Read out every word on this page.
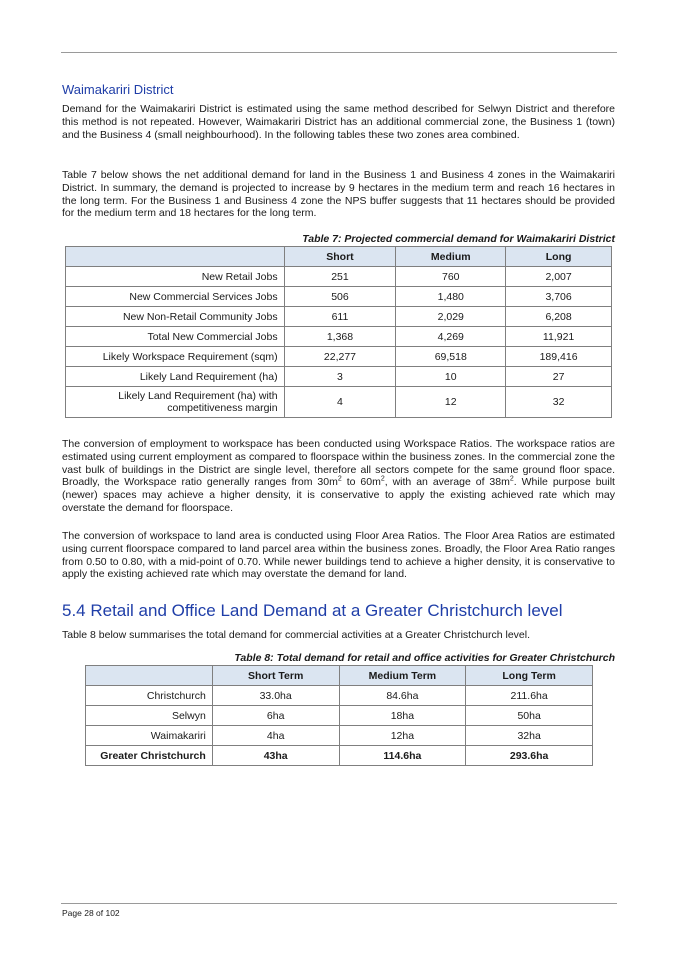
Waimakariri District

Demand for the Waimakariri District is estimated using the same method described for Selwyn District and therefore this method is not repeated. However, Waimakariri District has an additional commercial zone, the Business 1 (town) and the Business 4 (small neighbourhood). In the following tables these two zones area combined.

Table 7 below shows the net additional demand for land in the Business 1 and Business 4 zones in the Waimakariri District. In summary, the demand is projected to increase by 9 hectares in the medium term and reach 16 hectares in the long term. For the Business 1 and Business 4 zone the NPS buffer suggests that 11 hectares should be provided for the medium term and 18 hectares for the long term.

Table 7: Projected commercial demand for Waimakariri District
	Short	Medium	Long
New Retail Jobs	251	760	2,007
New Commercial Services Jobs	506	1,480	3,706
New Non-Retail Community Jobs	611	2,029	6,208
Total New Commercial Jobs	1,368	4,269	11,921
Likely Workspace Requirement (sqm)	22,277	69,518	189,416
Likely Land Requirement (ha)	3	10	27
Likely Land Requirement (ha) with
competitiveness margin	4	12	32

The conversion of employment to workspace has been conducted using Workspace Ratios. The workspace ratios are estimated using current employment as compared to floorspace within the business zones. In the commercial zone the vast bulk of buildings in the District are single level, therefore all sectors compete for the same ground floor space. Broadly, the Workspace ratio generally ranges from $30m^2$ to $60m^2$, with an average of $38m^2$. While purpose built (newer) spaces may achieve a higher density, it is conservative to apply the existing achieved rate which may overstate the demand for floorspace.

The conversion of workspace to land area is conducted using Floor Area Ratios. The Floor Area Ratios are estimated using current floorspace compared to land parcel area within the business zones. Broadly, the Floor Area Ratio ranges from 0.50 to 0.80, with a mid-point of 0.70. While newer buildings tend to achieve a higher density, it is conservative to apply the existing achieved rate which may overstate the demand for land.

5.4 Retail and Office Land Demand at a Greater Christchurch level

Table 8 below summarises the total demand for commercial activities at a Greater Christchurch level.

Table 8: Total demand for retail and office activities for Greater Christchurch
	Short Term	Medium Term	Long Term
Christchurch	33.0ha	84.6ha	211.6ha
Selwyn	6ha	18ha	50ha
Waimakariri	4ha	12ha	32ha
Greater Christchurch	43ha	114.6ha	293.6ha
Page 28 of 102
